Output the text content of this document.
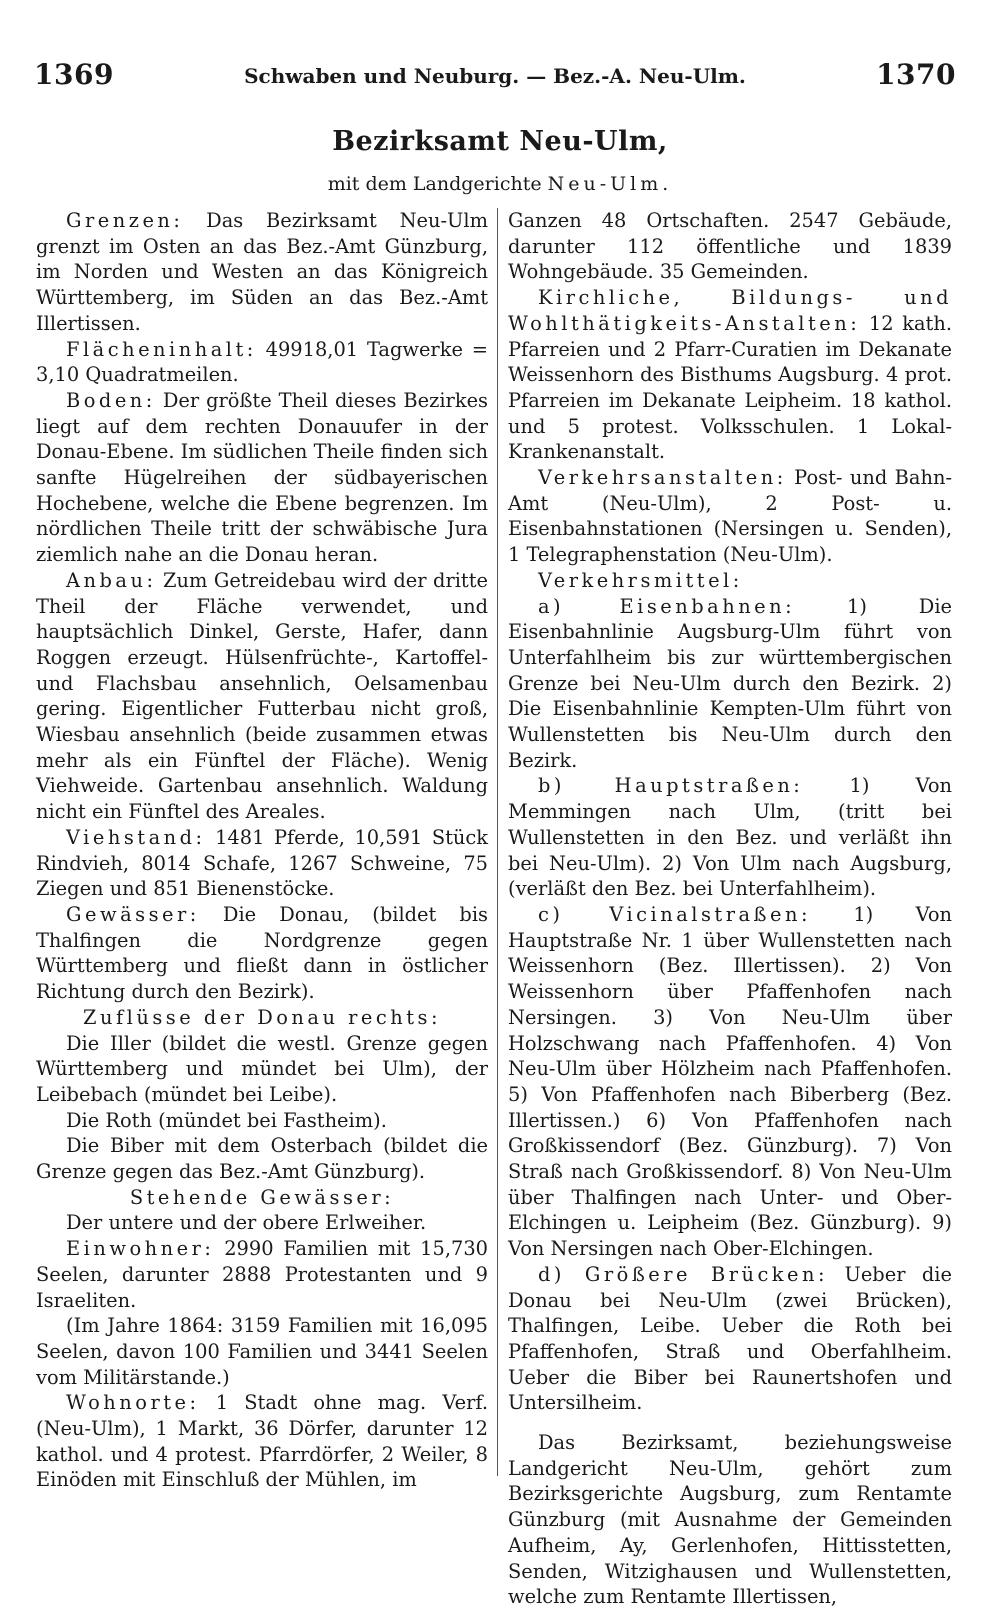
1369	Schwaben und Neuburg. — Bez.-A. Neu-Ulm.	1370
Bezirksamt Neu-Ulm,
mit dem Landgerichte Neu-Ulm.

Grenzen: Das Bezirksamt Neu-Ulm grenzt im Osten an das Bez.-Amt Günzburg, im Norden und Westen an das Königreich Württemberg, im Süden an das Bez.-Amt Illertissen.

Flächeninhalt: 49918,01 Tagwerke = 3,10 Quadratmeilen.

Boden: Der größte Theil dieses Bezirkes liegt auf dem rechten Donauufer in der Donau-Ebene. Im südlichen Theile finden sich sanfte Hügelreihen der südbayerischen Hochebene, welche die Ebene begrenzen. Im nördlichen Theile tritt der schwäbische Jura ziemlich nahe an die Donau heran.

Anbau: Zum Getreidebau wird der dritte Theil der Fläche verwendet, und hauptsächlich Dinkel, Gerste, Hafer, dann Roggen erzeugt. Hülsenfrüchte-, Kartoffel- und Flachsbau ansehnlich, Oelsamenbau gering. Eigentlicher Futterbau nicht groß, Wiesbau ansehnlich (beide zusammen etwas mehr als ein Fünftel der Fläche). Wenig Viehweide. Gartenbau ansehnlich. Waldung nicht ein Fünftel des Areales.

Viehstand: 1481 Pferde, 10,591 Stück Rindvieh, 8014 Schafe, 1267 Schweine, 75 Ziegen und 851 Bienenstöcke.

Gewässer: Die Donau, (bildet bis Thalfingen die Nordgrenze gegen Württemberg und fließt dann in östlicher Richtung durch den Bezirk).

Zuflüsse der Donau rechts:

Die Iller (bildet die westl. Grenze gegen Württemberg und mündet bei Ulm), der Leibebach (mündet bei Leibe).

Die Roth (mündet bei Fastheim).

Die Biber mit dem Osterbach (bildet die Grenze gegen das Bez.-Amt Günzburg).

Stehende Gewässer:

Der untere und der obere Erlweiher.

Einwohner: 2990 Familien mit 15,730 Seelen, darunter 2888 Protestanten und 9 Israeliten.

(Im Jahre 1864: 3159 Familien mit 16,095 Seelen, davon 100 Familien und 3441 Seelen vom Militärstande.)

Wohnorte: 1 Stadt ohne mag. Verf. (Neu-Ulm), 1 Markt, 36 Dörfer, darunter 12 kathol. und 4 protest. Pfarrdörfer, 2 Weiler, 8 Einöden mit Einschluß der Mühlen, im

Ganzen 48 Ortschaften. 2547 Gebäude, darunter 112 öffentliche und 1839 Wohngebäude. 35 Gemeinden.

Kirchliche, Bildungs- und Wohlthätigkeits-Anstalten: 12 kath. Pfarreien und 2 Pfarr-Curatien im Dekanate Weissenhorn des Bisthums Augsburg. 4 prot. Pfarreien im Dekanate Leipheim. 18 kathol. und 5 protest. Volksschulen. 1 Lokal-Krankenanstalt.

Verkehrsanstalten: Post- und Bahn-Amt (Neu-Ulm), 2 Post- u. Eisenbahnstationen (Nersingen u. Senden), 1 Telegraphenstation (Neu-Ulm).

Verkehrsmittel:

a) Eisenbahnen: 1) Die Eisenbahnlinie Augsburg-Ulm führt von Unterfahlheim bis zur württembergischen Grenze bei Neu-Ulm durch den Bezirk. 2) Die Eisenbahnlinie Kempten-Ulm führt von Wullenstetten bis Neu-Ulm durch den Bezirk.

b) Hauptstraßen: 1) Von Memmingen nach Ulm, (tritt bei Wullenstetten in den Bez. und verläßt ihn bei Neu-Ulm). 2) Von Ulm nach Augsburg, (verläßt den Bez. bei Unterfahlheim).

c) Vicinalstraßen: 1) Von Hauptstraße Nr. 1 über Wullenstetten nach Weissenhorn (Bez. Illertissen). 2) Von Weissenhorn über Pfaffenhofen nach Nersingen. 3) Von Neu-Ulm über Holzschwang nach Pfaffenhofen. 4) Von Neu-Ulm über Hölzheim nach Pfaffenhofen. 5) Von Pfaffenhofen nach Biberberg (Bez. Illertissen.) 6) Von Pfaffenhofen nach Großkissendorf (Bez. Günzburg). 7) Von Straß nach Großkissendorf. 8) Von Neu-Ulm über Thalfingen nach Unter- und Ober-Elchingen u. Leipheim (Bez. Günzburg). 9) Von Nersingen nach Ober-Elchingen.

d) Größere Brücken: Ueber die Donau bei Neu-Ulm (zwei Brücken), Thalfingen, Leibe. Ueber die Roth bei Pfaffenhofen, Straß und Oberfahlheim. Ueber die Biber bei Raunertshofen und Untersilheim.

Das Bezirksamt, beziehungsweise Landgericht Neu-Ulm, gehört zum Bezirksgerichte Augsburg, zum Rentamte Günzburg (mit Ausnahme der Gemeinden Aufheim, Ay, Gerlenhofen, Hittisstetten, Senden, Witzighausen und Wullenstetten, welche zum Rentamte Illertissen,
